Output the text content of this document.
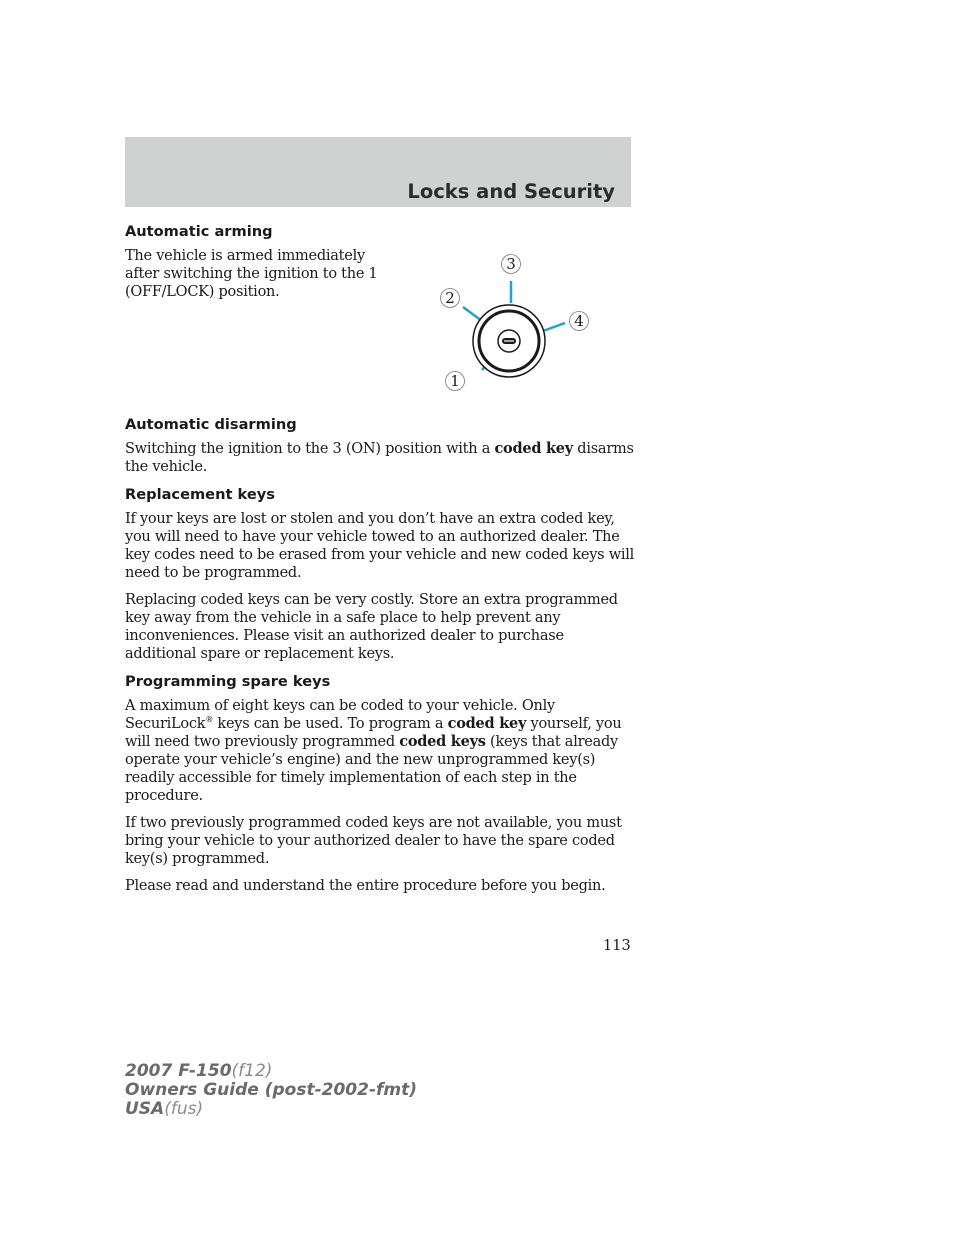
Locks and Security
Automatic arming

The vehicle is armed immediately after switching the ignition to the 1 (OFF/LOCK) position.

Automatic disarming

Switching the ignition to the 3 (ON) position with a coded key disarms the vehicle.

Replacement keys

If your keys are lost or stolen and you don’t have an extra coded key, you will need to have your vehicle towed to an authorized dealer. The key codes need to be erased from your vehicle and new coded keys will need to be programmed.

Replacing coded keys can be very costly. Store an extra programmed key away from the vehicle in a safe place to help prevent any inconveniences. Please visit an authorized dealer to purchase additional spare or replacement keys.

Programming spare keys

A maximum of eight keys can be coded to your vehicle. Only SecuriLock® keys can be used. To program a coded key yourself, you will need two previously programmed coded keys (keys that already operate your vehicle’s engine) and the new unprogrammed key(s) readily accessible for timely implementation of each step in the procedure.

If two previously programmed coded keys are not available, you must bring your vehicle to your authorized dealer to have the spare coded key(s) programmed.

Please read and understand the entire procedure before you begin.

1
2
3
4
113
2007 F-150(f12)
Owners Guide (post-2002-fmt)
USA(fus)
